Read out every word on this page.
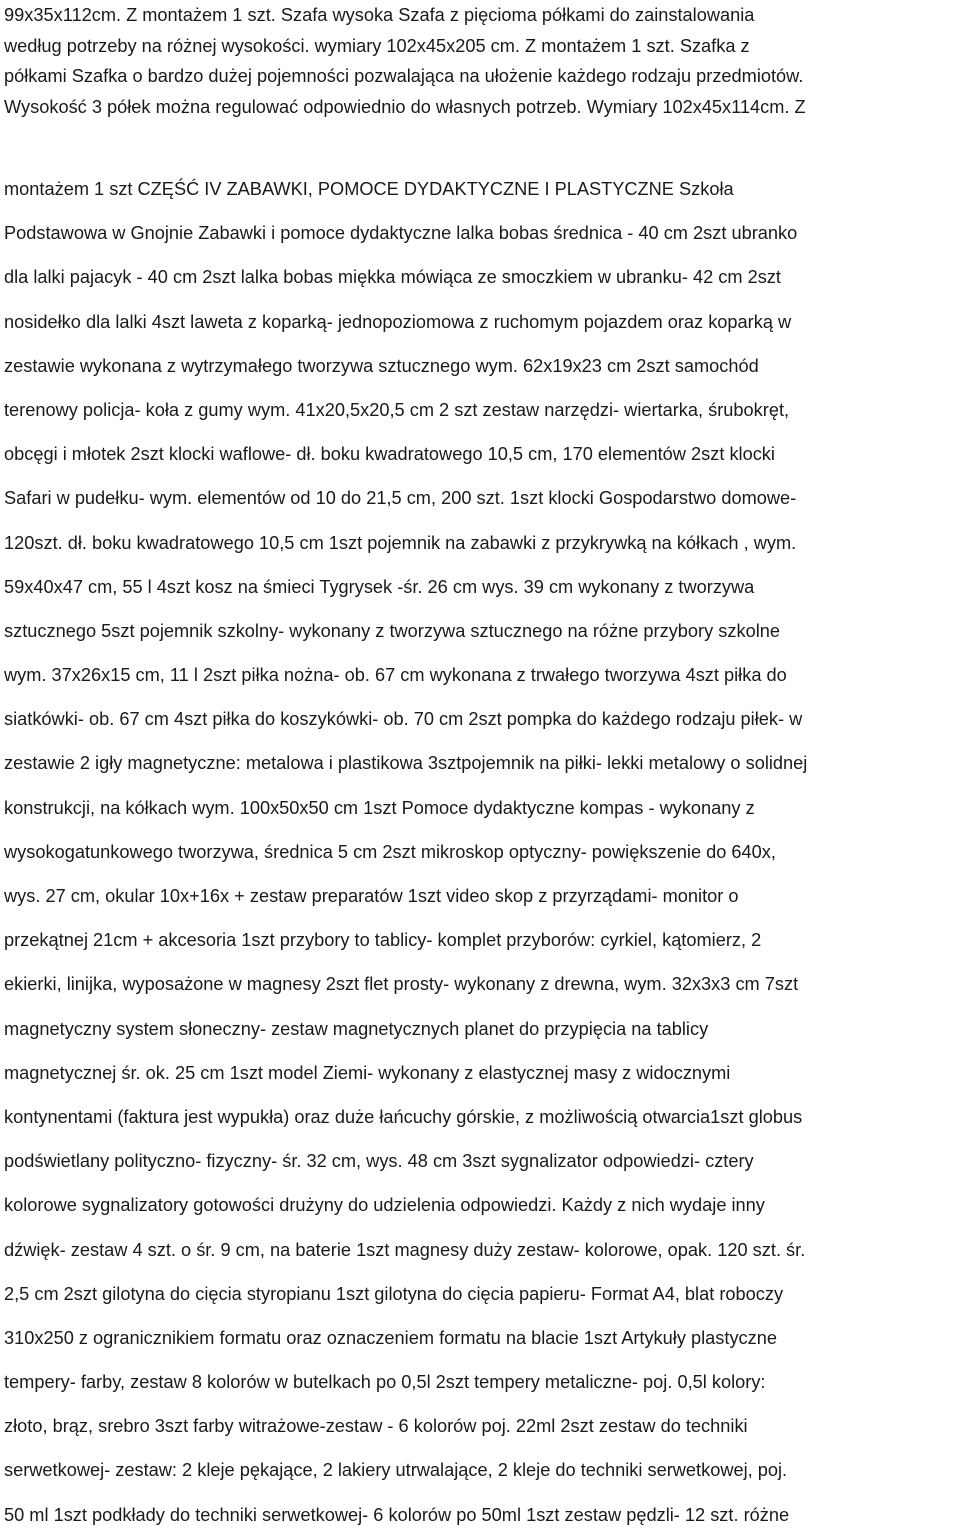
99x35x112cm. Z montażem 1 szt. Szafa wysoka Szafa z pięcioma półkami do zainstalowania
według potrzeby na różnej wysokości. wymiary 102x45x205 cm. Z montażem 1 szt. Szafka z
półkami Szafka o bardzo dużej pojemności pozwalająca na ułożenie każdego rodzaju przedmiotów.
Wysokość 3 półek można regulować odpowiednio do własnych potrzeb. Wymiary 102x45x114cm. Z
montażem 1 szt CZĘŚĆ IV ZABAWKI, POMOCE DYDAKTYCZNE I PLASTYCZNE Szkoła
Podstawowa w Gnojnie Zabawki i pomoce dydaktyczne lalka bobas średnica - 40 cm 2szt ubranko
dla lalki pajacyk - 40 cm 2szt lalka bobas miękka mówiąca ze smoczkiem w ubranku- 42 cm 2szt
nosidełko dla lalki 4szt laweta z koparką- jednopoziomowa z ruchomym pojazdem oraz koparką w
zestawie wykonana z wytrzymałego tworzywa sztucznego wym. 62x19x23 cm 2szt samochód
terenowy policja- koła z gumy wym. 41x20,5x20,5 cm 2 szt zestaw narzędzi- wiertarka, śrubokręt,
obcęgi i młotek 2szt klocki waflowe- dł. boku kwadratowego 10,5 cm, 170 elementów 2szt klocki
Safari w pudełku- wym. elementów od 10 do 21,5 cm, 200 szt. 1szt klocki Gospodarstwo domowe-
120szt. dł. boku kwadratowego 10,5 cm 1szt pojemnik na zabawki z przykrywką na kółkach , wym.
59x40x47 cm, 55 l 4szt kosz na śmieci Tygrysek -śr. 26 cm wys. 39 cm wykonany z tworzywa
sztucznego 5szt pojemnik szkolny- wykonany z tworzywa sztucznego na różne przybory szkolne
wym. 37x26x15 cm, 11 l 2szt piłka nożna- ob. 67 cm wykonana z trwałego tworzywa 4szt piłka do
siatkówki- ob. 67 cm 4szt piłka do koszykówki- ob. 70 cm 2szt pompka do każdego rodzaju piłek- w
zestawie 2 igły magnetyczne: metalowa i plastikowa 3sztpojemnik na piłki- lekki metalowy o solidnej
konstrukcji, na kółkach wym. 100x50x50 cm 1szt Pomoce dydaktyczne kompas - wykonany z
wysokogatunkowego tworzywa, średnica 5 cm 2szt mikroskop optyczny- powiększenie do 640x,
wys. 27 cm, okular 10x+16x + zestaw preparatów 1szt video skop z przyrządami- monitor o
przekątnej 21cm + akcesoria 1szt przybory to tablicy- komplet przyborów: cyrkiel, kątomierz, 2
ekierki, linijka, wyposażone w magnesy 2szt flet prosty- wykonany z drewna, wym. 32x3x3 cm 7szt
magnetyczny system słoneczny- zestaw magnetycznych planet do przypięcia na tablicy
magnetycznej śr. ok. 25 cm 1szt model Ziemi- wykonany z elastycznej masy z widocznymi
kontynentami (faktura jest wypukła) oraz duże łańcuchy górskie, z możliwością otwarcia1szt globus
podświetlany polityczno- fizyczny- śr. 32 cm, wys. 48 cm 3szt sygnalizator odpowiedzi- cztery
kolorowe sygnalizatory gotowości drużyny do udzielenia odpowiedzi. Każdy z nich wydaje inny
dźwięk- zestaw 4 szt. o śr. 9 cm, na baterie 1szt magnesy duży zestaw- kolorowe, opak. 120 szt. śr.
2,5 cm 2szt gilotyna do cięcia styropianu 1szt gilotyna do cięcia papieru- Format A4, blat roboczy
310x250 z ogranicznikiem formatu oraz oznaczeniem formatu na blacie 1szt Artykuły plastyczne
tempery- farby, zestaw 8 kolorów w butelkach po 0,5l 2szt tempery metaliczne- poj. 0,5l kolory:
złoto, brąz, srebro 3szt farby witrażowe-zestaw - 6 kolorów poj. 22ml 2szt zestaw do techniki
serwetkowej- zestaw: 2 kleje pękające, 2 lakiery utrwalające, 2 kleje do techniki serwetkowej, poj.
50 ml 1szt podkłady do techniki serwetkowej- 6 kolorów po 50ml 1szt zestaw pędzli- 12 szt. różne
